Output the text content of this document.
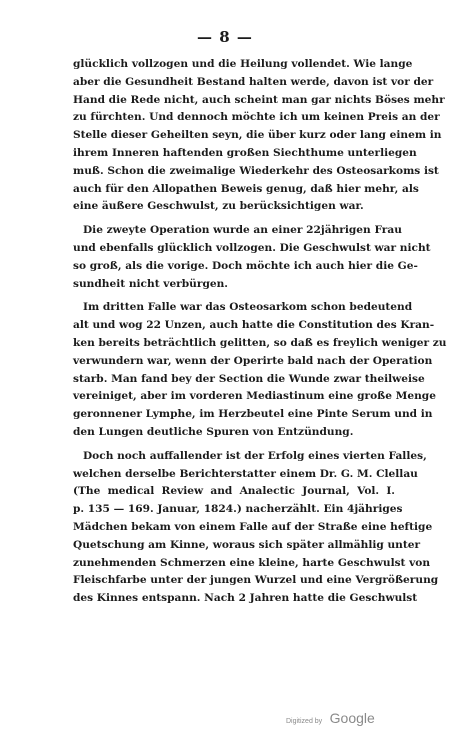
— 8 —
glücklich vollzogen und die Heilung vollendet. Wie lange
aber die Gesundheit Bestand halten werde, davon ist vor der
Hand die Rede nicht, auch scheint man gar nichts Böses mehr
zu fürchten. Und dennoch möchte ich um keinen Preis an der
Stelle dieser Geheilten seyn, die über kurz oder lang einem in
ihrem Inneren haftenden großen Siechthume unterliegen
muß. Schon die zweimalige Wiederkehr des Osteosarkoms ist
auch für den Allopathen Beweis genug, daß hier mehr, als
eine äußere Geschwulst, zu berücksichtigen war.
Die zweyte Operation wurde an einer 22jährigen Frau
und ebenfalls glücklich vollzogen. Die Geschwulst war nicht
so groß, als die vorige. Doch möchte ich auch hier die Ge-
sundheit nicht verbürgen.
Im dritten Falle war das Osteosarkom schon bedeutend
alt und wog 22 Unzen, auch hatte die Constitution des Kran-
ken bereits beträchtlich gelitten, so daß es freylich weniger zu
verwundern war, wenn der Operirte bald nach der Operation
starb. Man fand bey der Section die Wunde zwar theilweise
vereiniget, aber im vorderen Mediastinum eine große Menge
geronnener Lymphe, im Herzbeutel eine Pinte Serum und in
den Lungen deutliche Spuren von Entzündung.
Doch noch auffallender ist der Erfolg eines vierten Falles,
welchen derselbe Berichterstatter einem Dr. G. M. Clellau
(The medical Review and Analectic Journal, Vol. I.
p. 135 — 169. Januar, 1824.) nacherzählt. Ein 4jähriges
Mädchen bekam von einem Falle auf der Straße eine heftige
Quetschung am Kinne, woraus sich später allmählig unter
zunehmenden Schmerzen eine kleine, harte Geschwulst von
Fleischfarbe unter der jungen Wurzel und eine Vergrößerung
des Kinnes entspann. Nach 2 Jahren hatte die Geschwulst
Digitized by Google
